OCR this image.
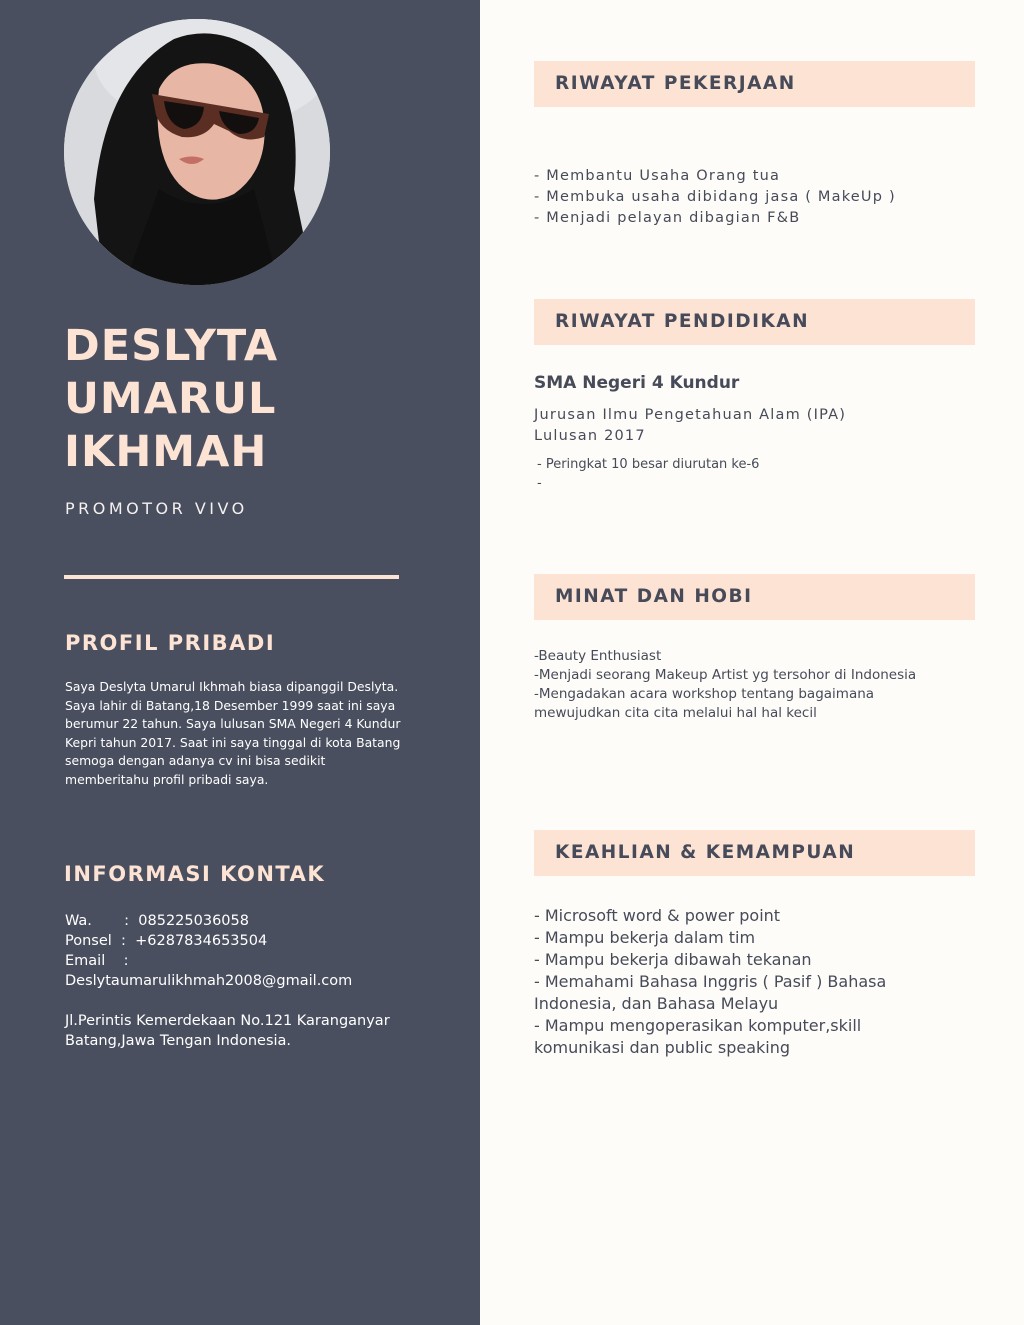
DESLYTA
UMARUL
IKHMAH
PROMOTOR VIVO
PROFIL PRIBADI
Saya Deslyta Umarul Ikhmah biasa dipanggil Deslyta. Saya lahir di Batang,18 Desember 1999 saat ini saya berumur 22 tahun. Saya lulusan SMA Negeri 4 Kundur Kepri tahun 2017. Saat ini saya tinggal di kota Batang semoga dengan adanya cv ini bisa sedikit memberitahu profil pribadi saya.
INFORMASI KONTAK
Wa.       :  085225036058
Ponsel  :  +6287834653504
Email    :
Deslytaumarulikhmah2008@gmail.com
Jl.Perintis Kemerdekaan No.121 Karanganyar
Batang,Jawa Tengan Indonesia.
RIWAYAT PEKERJAAN
- Membantu Usaha Orang tua
- Membuka usaha dibidang jasa ( MakeUp )
- Menjadi pelayan dibagian F&B
RIWAYAT PENDIDIKAN
SMA Negeri 4 Kundur
Jurusan Ilmu Pengetahuan Alam (IPA)
Lulusan 2017
- Peringkat 10 besar diurutan ke-6
-
MINAT DAN HOBI
-Beauty Enthusiast
-Menjadi seorang Makeup Artist yg tersohor di Indonesia
-Mengadakan acara workshop tentang bagaimana
mewujudkan cita cita melalui hal hal kecil
KEAHLIAN & KEMAMPUAN
- Microsoft word & power point
- Mampu bekerja dalam tim
- Mampu bekerja dibawah tekanan
- Memahami Bahasa Inggris ( Pasif ) Bahasa
Indonesia, dan Bahasa Melayu
- Mampu mengoperasikan komputer,skill
komunikasi dan public speaking
